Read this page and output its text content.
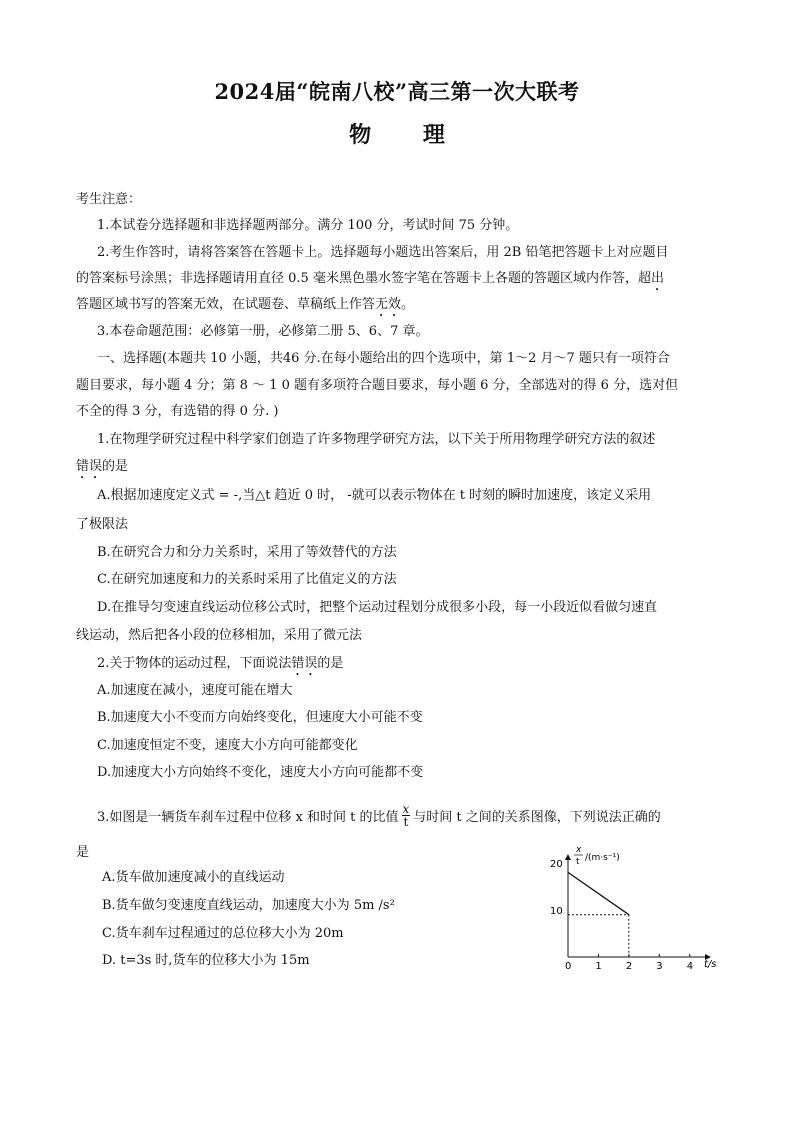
2024届“皖南八校”高三第一次大联考
物 理
考生注意：
1.本试卷分选择题和非选择题两部分。满分 100 分，考试时间 75 分钟。
2.考生作答时，请将答案答在答题卡上。选择题每小题选出答案后，用 2B 铅笔把答题卡上对应题目
的答案标号涂黑；非选择题请用直径 0.5 毫米黑色墨水签字笔在答题卡上各题的答题区域内作答，超出
答题区域书写的答案无效，在试题卷、草稿纸上作答无效。
3.本卷命题范围：必修第一册，必修第二册 5、6、7 章。
一、选择题(本题共 10 小题，共46 分.在每小题给出的四个选项中，第 1～2 月～7 题只有一项符合
题目要求，每小题 4 分；第 8 ～ 1 0 题有多项符合题目要求，每小题 6 分，全部选对的得 6 分，选对但
不全的得 3 分，有选错的得 0 分. )
1.在物理学研究过程中科学家们创造了许多物理学研究方法，以下关于所用物理学研究方法的叙述
错误的是
A.根据加速度定义式 = -,当△t 趋近 0 时， -就可以表示物体在 t 时刻的瞬时加速度，该定义采用
了极限法
B.在研究合力和分力关系时，采用了等效替代的方法
C.在研究加速度和力的关系时采用了比值定义的方法
D.在推导匀变速直线运动位移公式时，把整个运动过程划分成很多小段，每一小段近似看做匀速直
线运动，然后把各小段的位移相加，采用了微元法
2.关于物体的运动过程，下面说法错误的是
A.加速度在减小，速度可能在增大
B.加速度大小不变而方向始终变化，但速度大小可能不变
C.加速度恒定不变，速度大小方向可能都变化
D.加速度大小方向始终不变化，速度大小方向可能都不变
3.如图是一辆货车刹车过程中位移 x 和时间 t 的比值 $\frac{x}{t}$ 与时间 t 之间的关系图像，下列说法正确的
是
A.货车做加速度减小的直线运动
B.货车做匀变速度直线运动，加速度大小为 5m /s²
C.货车刹车过程通过的总位移大小为 20m
D. t=3s 时,货车的位移大小为 15m	0 1 2 3 4
10
20
x
t /(m·s⁻¹)
t/s
